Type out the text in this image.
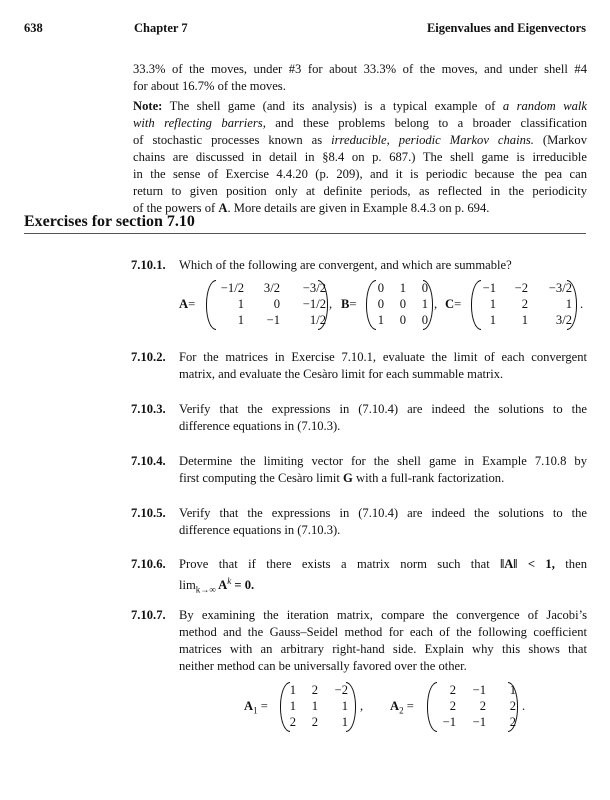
638	Chapter 7	Eigenvalues and Eigenvectors
33.3% of the moves, under #3 for about 33.3% of the moves, and under shell #4
for about 16.7% of the moves.
Note: The shell game (and its analysis) is a typical example of a random walk
with reflecting barriers, and these problems belong to a broader classification
of stochastic processes known as irreducible, periodic Markov chains. (Markov
chains are discussed in detail in §8.4 on p. 687.) The shell game is irreducible
in the sense of Exercise 4.4.20 (p. 209), and it is periodic because the pea can
return to given position only at definite periods, as reflected in the periodicity
of the powers of A. More details are given in Example 8.4.3 on p. 694.
Exercises for section 7.10
7.10.1. Which of the following are convergent, and which are summable?
A=
−1/2	3/2	−3/2
1	0	−1/2
1	−1	1/2
, B=
0	1	0
0	0	1
1	0	0
, C=
−1	−2	−3/2
1	2	1
1	1	3/2
.
7.10.2. For the matrices in Exercise 7.10.1, evaluate the limit of each convergent
matrix, and evaluate the Cesàro limit for each summable matrix.
7.10.3. Verify that the expressions in (7.10.4) are indeed the solutions to the
difference equations in (7.10.3).
7.10.4. Determine the limiting vector for the shell game in Example 7.10.8 by
first computing the Cesàro limit G with a full-rank factorization.
7.10.5. Verify that the expressions in (7.10.4) are indeed the solutions to the
difference equations in (7.10.3).
7.10.6. Prove that if there exists a matrix norm such that ‖A‖ < 1, then
$\lim_{k\to\infty} A^k = 0$.
7.10.7. By examining the iteration matrix, compare the convergence of Jacobi’s
method and the Gauss–Seidel method for each of the following coefficient
matrices with an arbitrary right-hand side. Explain why this shows that
neither method can be universally favored over the other.
$A_1$ =
1	2	−2
1	1	1
2	2	1
, $A_2$ =
2	−1	1
2	2	2
−1	−1	2
.
